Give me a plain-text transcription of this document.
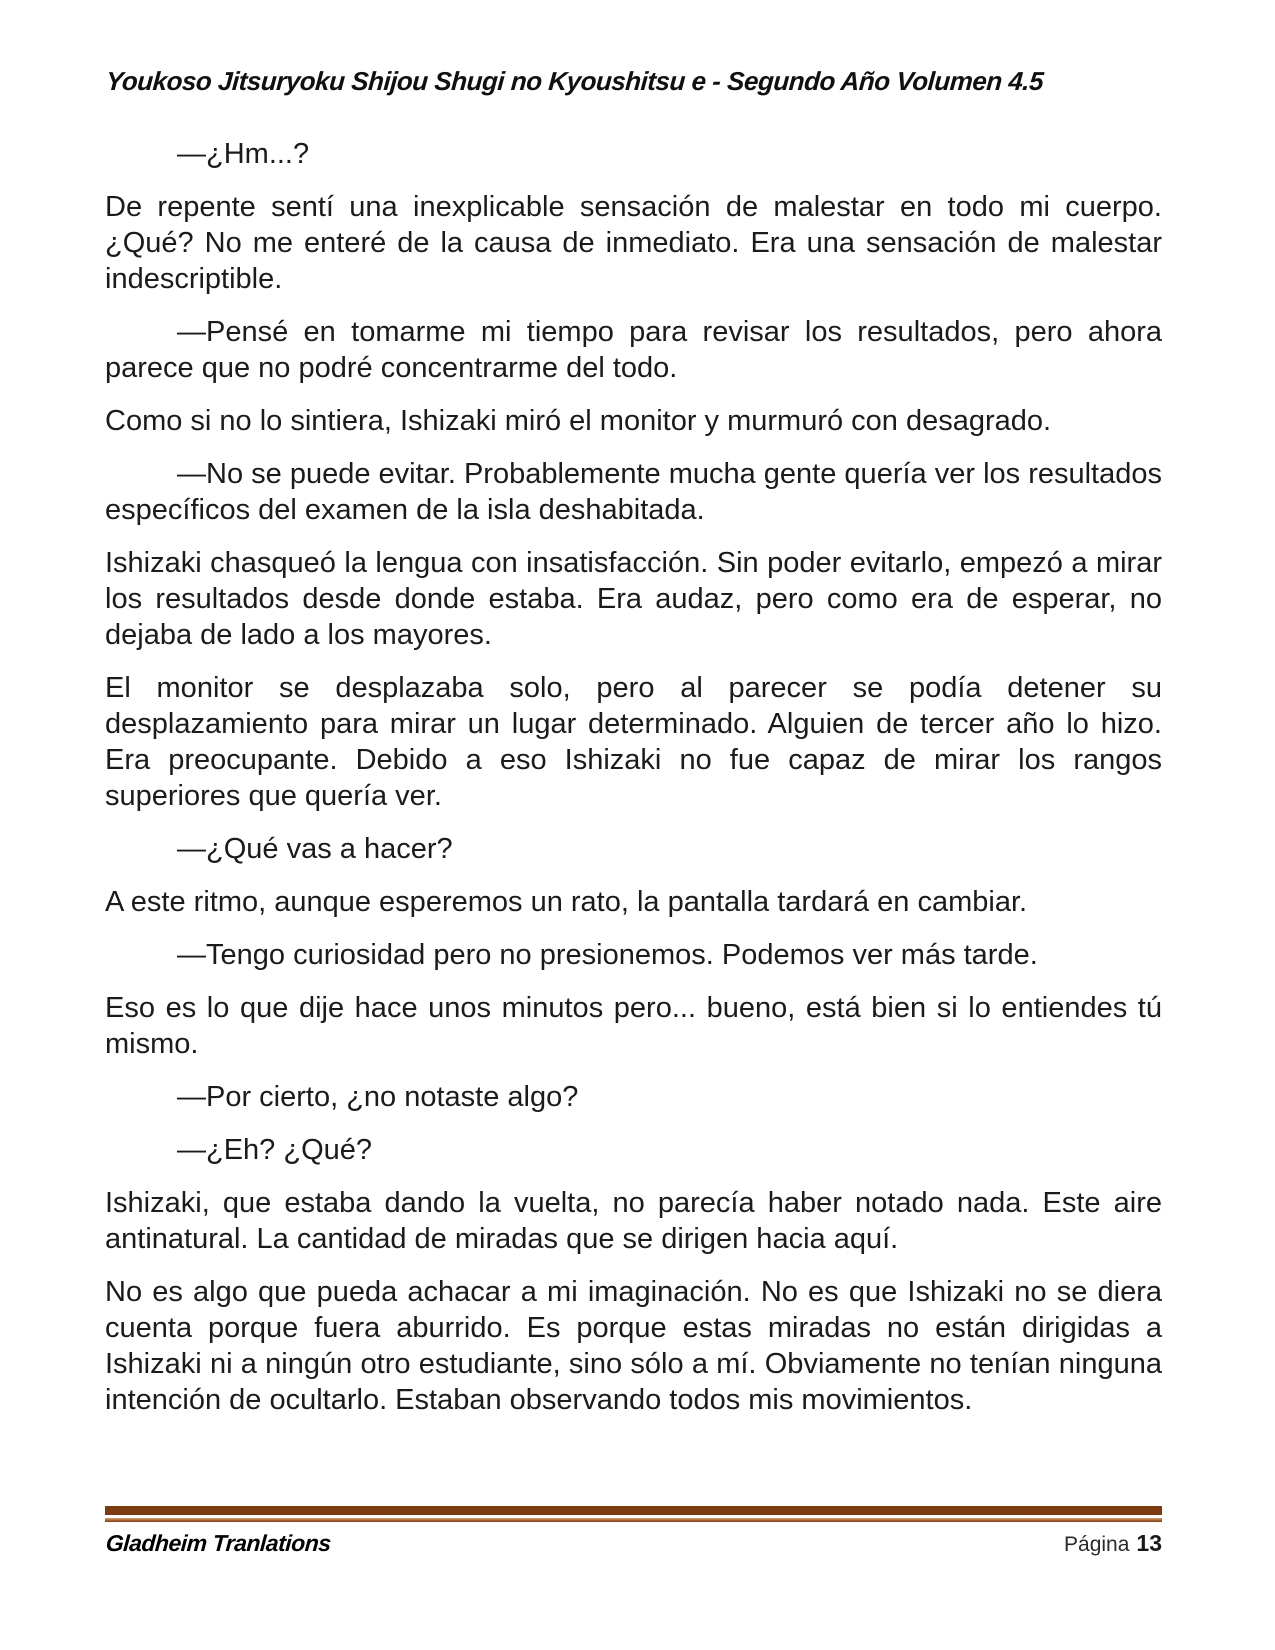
Youkoso Jitsuryoku Shijou Shugi no Kyoushitsu e - Segundo Año Volumen 4.5

—¿Hm...?

De repente sentí una inexplicable sensación de malestar en todo mi cuerpo. ¿Qué? No me enteré de la causa de inmediato. Era una sensación de malestar indescriptible.

—Pensé en tomarme mi tiempo para revisar los resultados, pero ahora parece que no podré concentrarme del todo.

Como si no lo sintiera, Ishizaki miró el monitor y murmuró con desagrado.

—No se puede evitar. Probablemente mucha gente quería ver los resultados específicos del examen de la isla deshabitada.

Ishizaki chasqueó la lengua con insatisfacción. Sin poder evitarlo, empezó a mirar los resultados desde donde estaba. Era audaz, pero como era de esperar, no dejaba de lado a los mayores.

El monitor se desplazaba solo, pero al parecer se podía detener su desplazamiento para mirar un lugar determinado. Alguien de tercer año lo hizo. Era preocupante. Debido a eso Ishizaki no fue capaz de mirar los rangos superiores que quería ver.

—¿Qué vas a hacer?

A este ritmo, aunque esperemos un rato, la pantalla tardará en cambiar.

—Tengo curiosidad pero no presionemos. Podemos ver más tarde.

Eso es lo que dije hace unos minutos pero... bueno, está bien si lo entiendes tú mismo.

—Por cierto, ¿no notaste algo?

—¿Eh? ¿Qué?

Ishizaki, que estaba dando la vuelta, no parecía haber notado nada. Este aire antinatural. La cantidad de miradas que se dirigen hacia aquí.

No es algo que pueda achacar a mi imaginación. No es que Ishizaki no se diera cuenta porque fuera aburrido. Es porque estas miradas no están dirigidas a Ishizaki ni a ningún otro estudiante, sino sólo a mí. Obviamente no tenían ninguna intención de ocultarlo. Estaban observando todos mis movimientos.

Gladheim Tranlations	Página 13
